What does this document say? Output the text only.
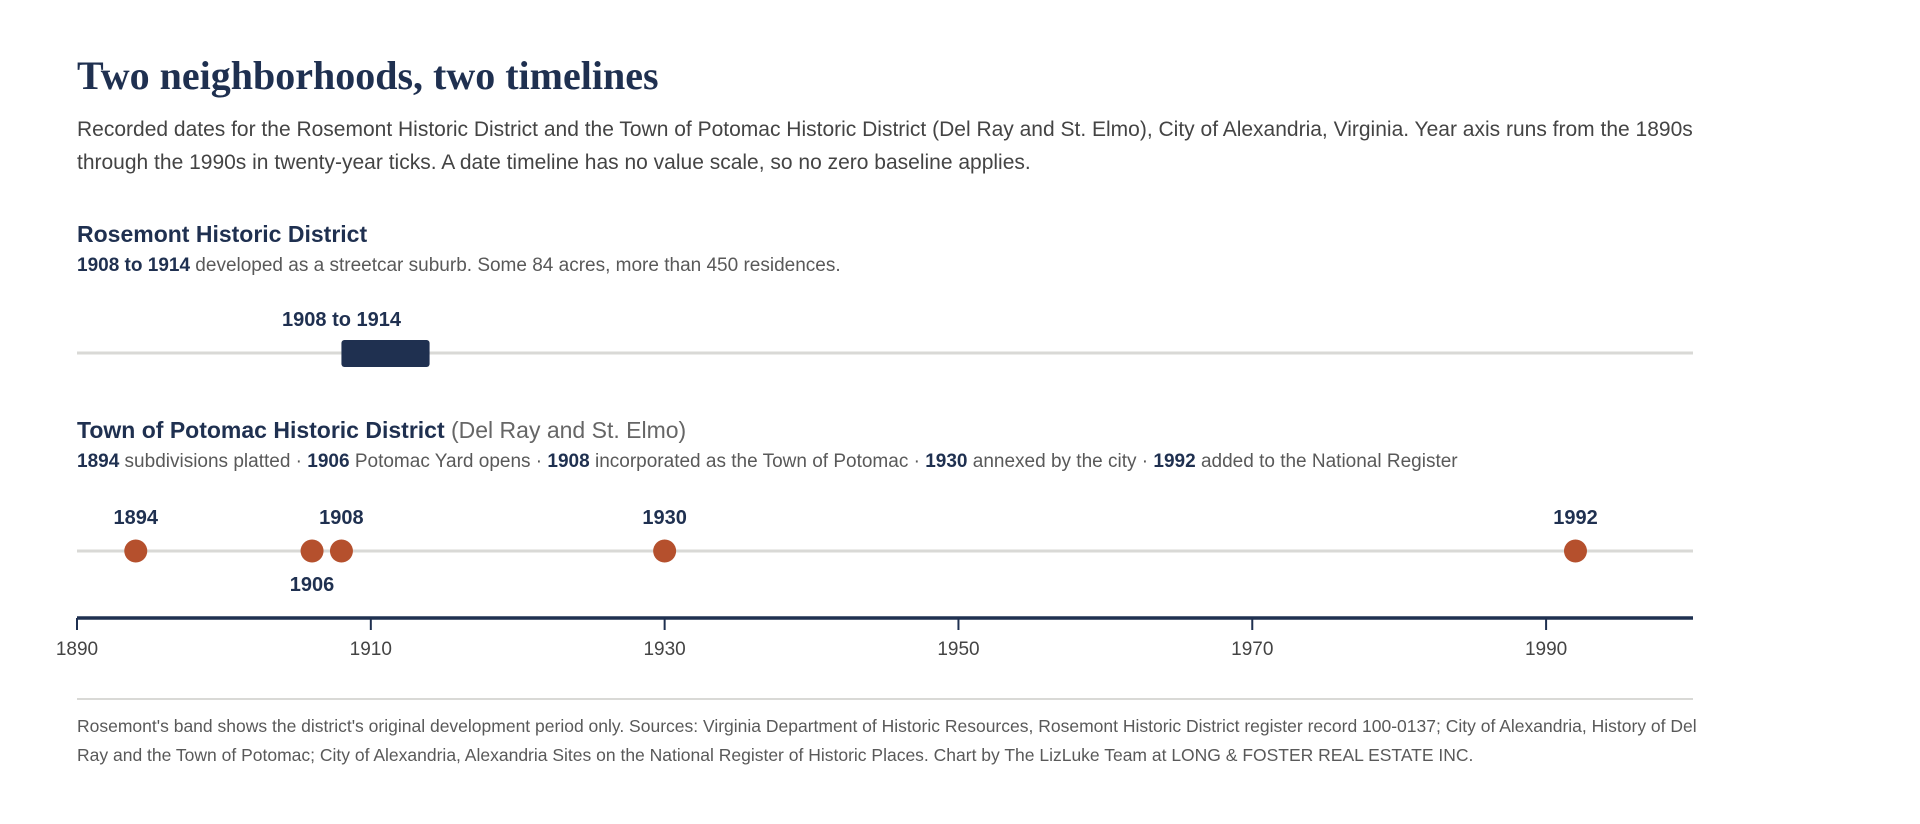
Two neighborhoods, two timelines

Recorded dates for the Rosemont Historic District and the Town of Potomac Historic District (Del Ray and St. Elmo), City of Alexandria, Virginia. Year axis runs from the 1890s through the 1990s in twenty-year ticks. A date timeline has no value scale, so no zero baseline applies.

Rosemont Historic District
1908 to 1914 developed as a streetcar suburb. Some 84 acres, more than 450 residences.
Town of Potomac Historic District (Del Ray and St. Elmo)
1894 subdivisions platted · 1906 Potomac Yard opens · 1908 incorporated as the Town of Potomac · 1930 annexed by the city · 1992 added to the National Register
1908 to 1914
1894
1906
1908	1930	1992
1890	1910	1930	1950	1970	1990

Rosemont's band shows the district's original development period only. Sources: Virginia Department of Historic Resources, Rosemont Historic District register record 100-0137; City of Alexandria, History of Del Ray and the Town of Potomac; City of Alexandria, Alexandria Sites on the National Register of Historic Places. Chart by The LizLuke Team at LONG & FOSTER REAL ESTATE INC.
